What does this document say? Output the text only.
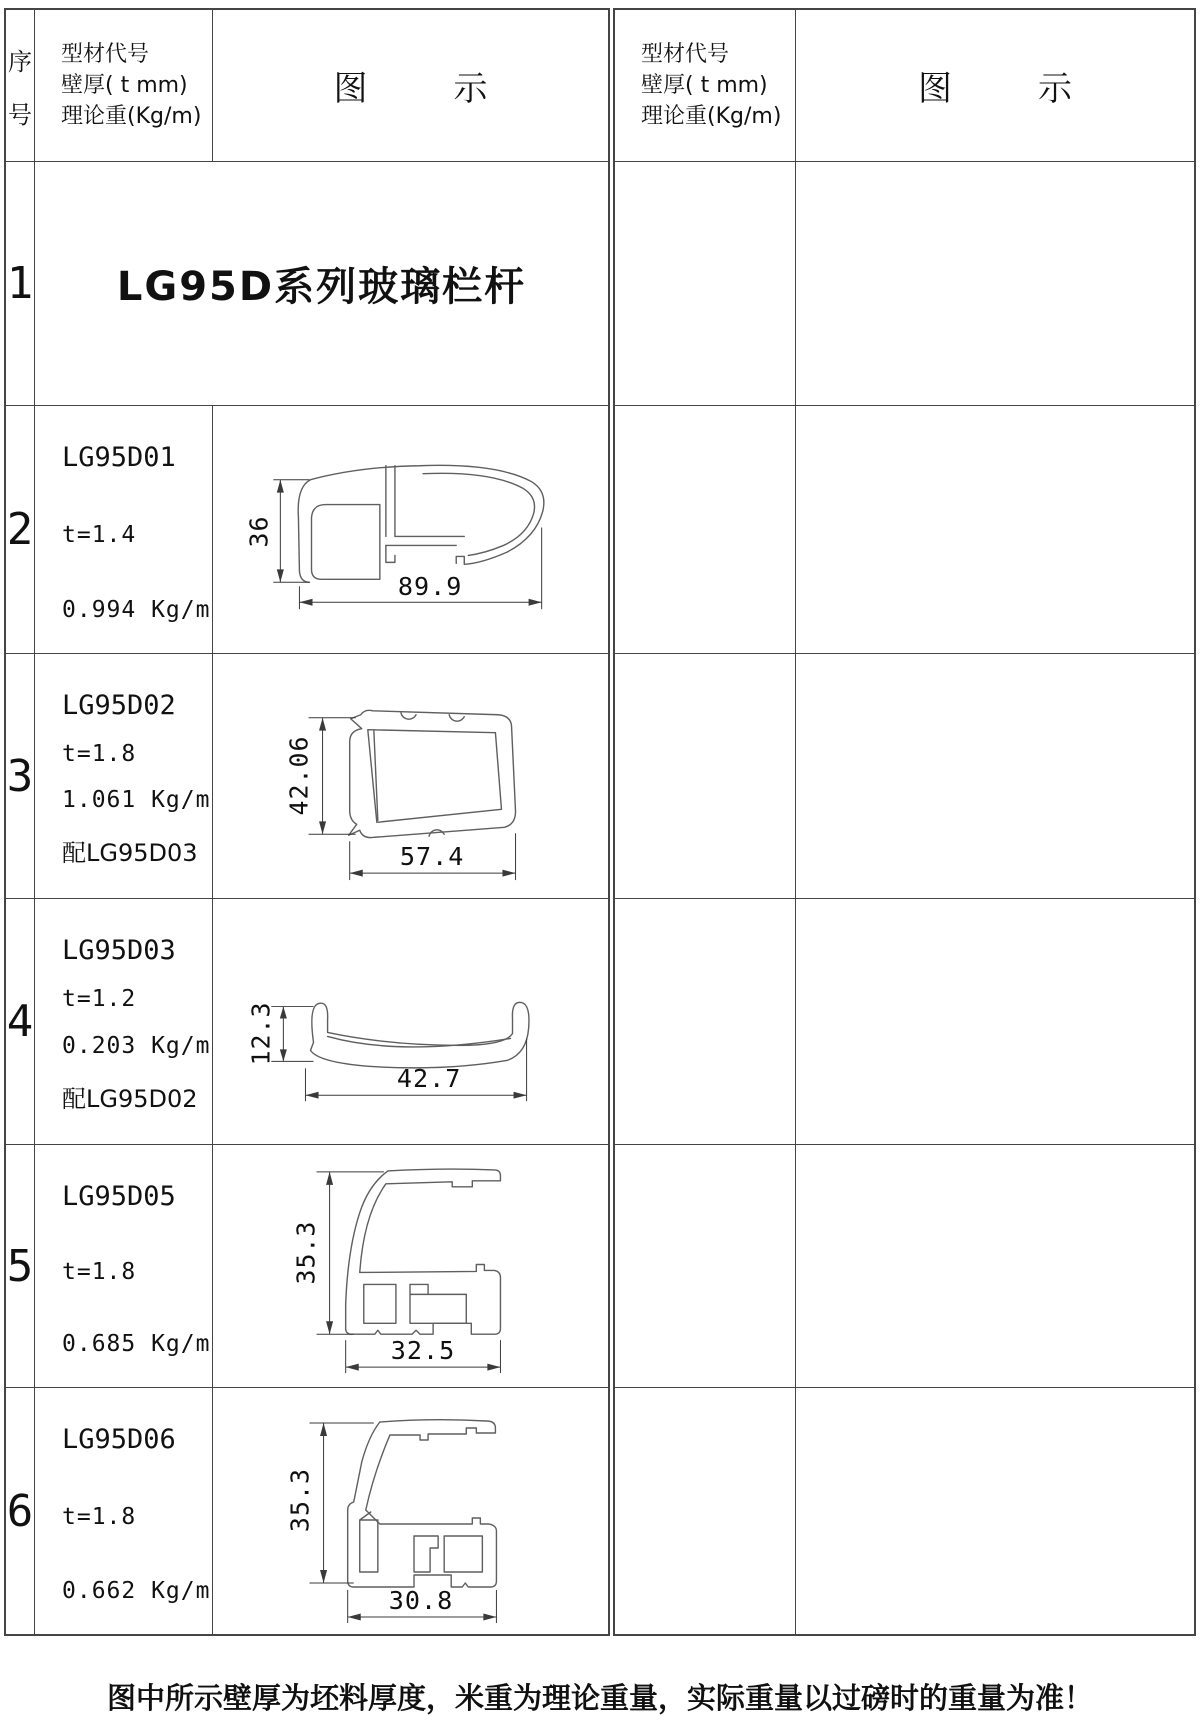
序
号
型材代号
壁厚( t mm)
理论重(Kg/m)
图	示
1 LG95D系列玻璃栏杆
2
LG95D01
t=1.4
0.994 Kg/m
36
89.9
3
LG95D02
t=1.8
1.061 Kg/m
配LG95D03
42.06
57.4
4
LG95D03
t=1.2
0.203 Kg/m
配LG95D02
12.3
42.7
5
LG95D05
t=1.8
0.685 Kg/m
35.3
32.5
6
LG95D06
t=1.8
0.662 Kg/m
35.3
30.8
型材代号
壁厚( t mm)
理论重(Kg/m)
图	示
图中所示壁厚为坯料厚度，米重为理论重量，实际重量以过磅时的重量为准！
